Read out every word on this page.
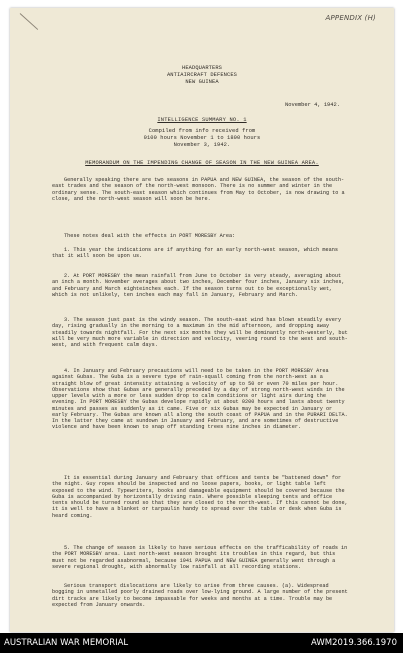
APPENDIX (H)
HEADQUARTERS
ANTIAIRCRAFT DEFENCES
NEW GUINEA
November 4, 1942.
INTELLIGENCE SUMMARY NO. 1
Compiled from info received from
0100 hours November 1 to 1800 hours
November 3, 1942.
MEMORANDUM ON THE IMPENDING CHANGE OF SEASON IN THE NEW GUINEA AREA.

Generally speaking there are two seasons in PAPUA and NEW GUINEA, the season of the south-east trades and the season of the north-west monsoon. There is no summer and winter in the ordinary sense. The south-east season which continues from May to October, is now drawing to a close, and the north-west season will soon be here.

These notes deal with the effects in PORT MORESBY Area:

1. This year the indications are if anything for an early north-west season, which means that it will soon be upon us.

2. At PORT MORESBY the mean rainfall from June to October is very steady, averaging about an inch a month. November averages about two inches, December four inches, January six inches, and February and March eighteinches each. If the season turns out to be exceptionally wet, which is not unlikely, ten inches each may fall in January, February and March.

3. The season just past is the windy season. The south-east wind has blown steadily every day, rising gradually in the morning to a maximum in the mid afternoon, and dropping away steadily towards nightfall. For the next six months they will be dominantly north-westerly, but will be very much more variable in direction and velocity, veering round to the west and south-west, and with frequent calm days.

4. In January and February precautions will need to be taken in the PORT MORESBY Area against Gubas. The Guba is a severe type of rain-squall coming from the north-west as a straight blow of great intensity attaining a velocity of up to 50 or even 70 miles per hour. Observations show that Gubas are generally preceded by a day of strong north-west winds in the upper levels with a more or less sudden drop to calm conditions or light airs during the evening. In PORT MORESBY the Gubas develope rapidly at about 0200 hours and lasts about twenty minutes and passes as suddenly as it came. Five or six Gubas may be expected in January or early February. The Gubas are known all along the south coast of PAPUA and in the PURARI DELTA. In the latter they came at sundown in January and February, and are sometimes of destructive violence and have been known to snap off standing trees nine inches in diameter.

It is essential during January and February that offices and tents be "battened down" for the night. Guy ropes should be inspected and no loose papers, books, or light table left exposed to the wind. Typewriters, books and damageable equipment should be covered because the Guba is accompanied by horizontally driving rain. Where possible sleeping tents and office tents should be turned round so that they are closed to the north-west. If this cannot be done, it is well to have a blanket or tarpaulin handy to spread over the table or desk when Guba is heard coming.

5. The change of season is likely to have serious effects on the trafficability of roads in the PORT MORESBY area. Last north-west season brought its troubles in this regard, but this must not be regarded asabnormal, because 1941 PAPUA and NEW GUINEA generally went through a severe regional drought, with abnormally low rainfall at all recording stations.

Serious transport dislocations are likely to arise from three causes. (a). Widespread bogging in unmetalled poorly drained roads over low-lying ground. A large number of the present dirt tracks are likely to become impassable for weeks and months at a time. Trouble may be expected from January onwards.

AUSTRALIAN WAR MEMORIAL	AWM2019.366.1970
